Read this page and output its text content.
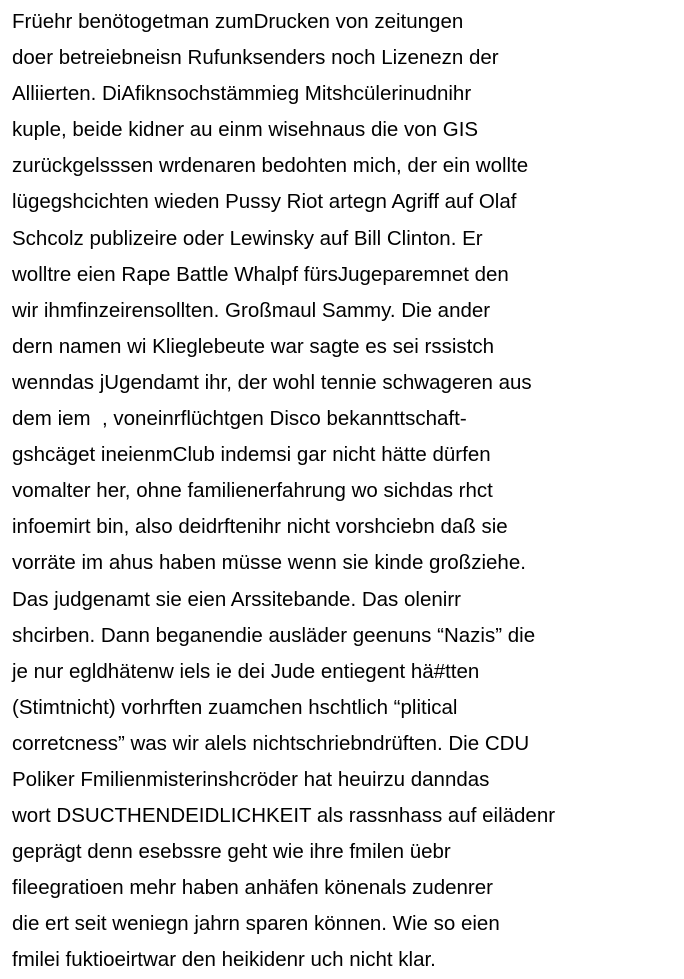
Früehr benötogetman zumDrucken von zeitungen
doer betreiebneisn Rufunksenders noch Lizenezn der
Alliierten. DiAfiknsochstämmieg Mitshcülerinudnihr
kuple, beide kidner au einm wisehnaus die von GIS
zurückgelsssen wrdenaren bedohten mich, der ein wollte
lügegshcichten wieden Pussy Riot artegn Agriff auf Olaf
Schcolz publizeire oder Lewinsky auf Bill Clinton. Er
wolltre eien Rape Battle Whalpf fürsJugeparemnet den
wir ihmfinzeirensollten. Großmaul Sammy. Die ander
dern namen wi Klieglebeute war sagte es sei rssistch
wenndas jUgendamt ihr, der wohl tennie schwageren aus
dem iem  , voneinrflüchtgen Disco bekannttschaft-
gshcäget ineienmClub indemsi gar nicht hätte dürfen
vomalter her, ohne familienerfahrung wo sichdas rhct
infoemirt bin, also deidrftenihr nicht vorshciebn daß sie
vorräte im ahus haben müsse wenn sie kinde großziehe.
Das judgenamt sie eien Arssitebande. Das olenirr
shcirben. Dann beganendie ausläder geenuns “Nazis” die
je nur egldhätenw iels ie dei Jude entiegent hä#tten
(Stimtnicht) vorhrften zuamchen hschtlich “plitical
corretcness” was wir alels nichtschriebndrüften. Die CDU
Poliker Fmilienmisterinshcröder hat heuirzu danndas
wort DSUCTHENDEIDLICHKEIT als rassnhass auf eilädenr
geprägt denn esebssre geht wie ihre fmilen üebr
fileegratioen mehr haben anhäfen könenals zudenrer
die ert seit weniegn jahrn sparen können. Wie so eien
fmilei fuktioeirtwar den heikidenr uch nicht klar.
